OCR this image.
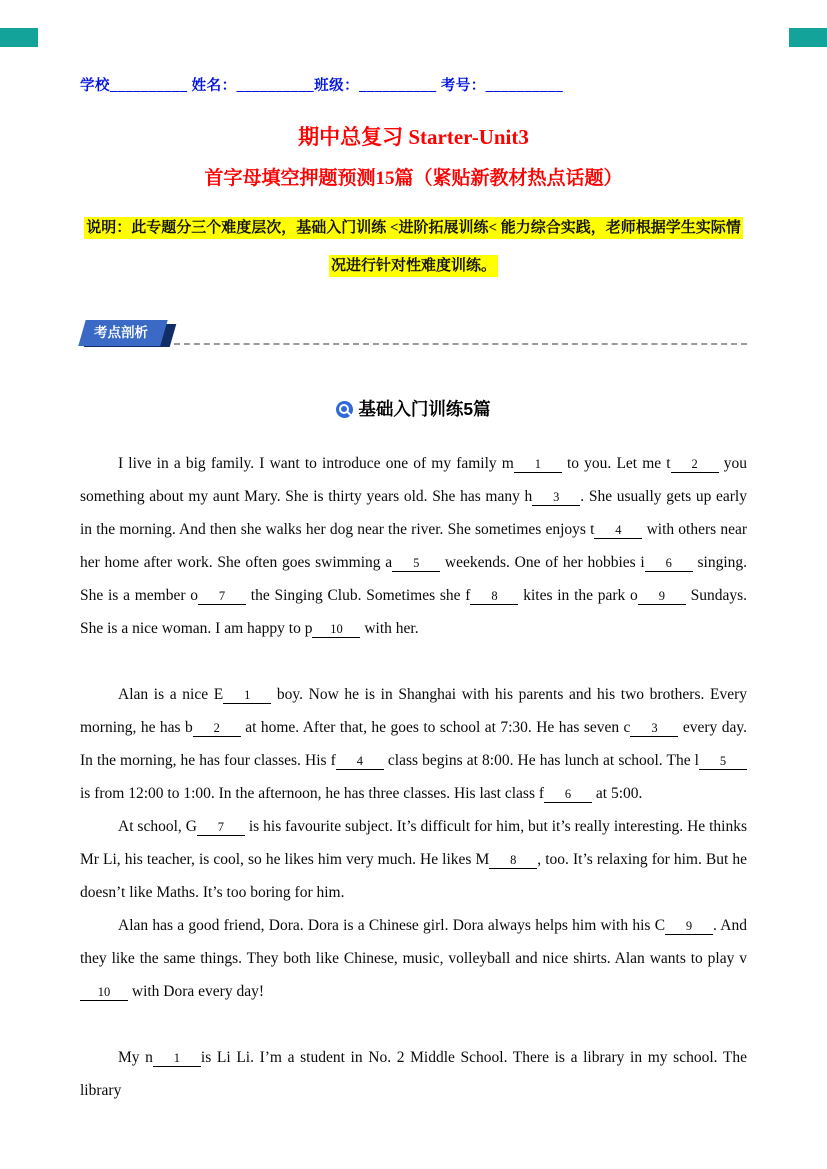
学校__________ 姓名：__________班级：__________ 考号：__________
期中总复习 Starter-Unit3
首字母填空押题预测15篇（紧贴新教材热点话题）
说明：此专题分三个难度层次，基础入门训练 <进阶拓展训练< 能力综合实践，老师根据学生实际情
况进行针对性难度训练。
考点剖析
基础入门训练5篇

I live in a big family. I want to introduce one of my family m 1 to you. Let me t 2 you something about my aunt Mary. She is thirty years old. She has many h 3 . She usually gets up early in the morning. And then she walks her dog near the river. She sometimes enjoys t 4 with others near her home after work. She often goes swimming a 5 weekends. One of her hobbies i 6 singing. She is a member o 7 the Singing Club. Sometimes she f 8 kites in the park o 9 Sundays. She is a nice woman. I am happy to p 10 with her.

Alan is a nice E 1 boy. Now he is in Shanghai with his parents and his two brothers. Every morning, he has b 2 at home. After that, he goes to school at 7:30. He has seven c 3 every day. In the morning, he has four classes. His f 4 class begins at 8:00. He has lunch at school. The l 5 is from 12:00 to 1:00. In the afternoon, he has three classes. His last class f 6 at 5:00.

At school, G 7 is his favourite subject. It’s difficult for him, but it’s really interesting. He thinks Mr Li, his teacher, is cool, so he likes him very much. He likes M 8 , too. It’s relaxing for him. But he doesn’t like Maths. It’s too boring for him.

Alan has a good friend, Dora. Dora is a Chinese girl. Dora always helps him with his C 9 . And they like the same things. They both like Chinese, music, volleyball and nice shirts. Alan wants to play v10 with Dora every day!

My n 1 is Li Li. I’m a student in No. 2 Middle School. There is a library in my school. The library
